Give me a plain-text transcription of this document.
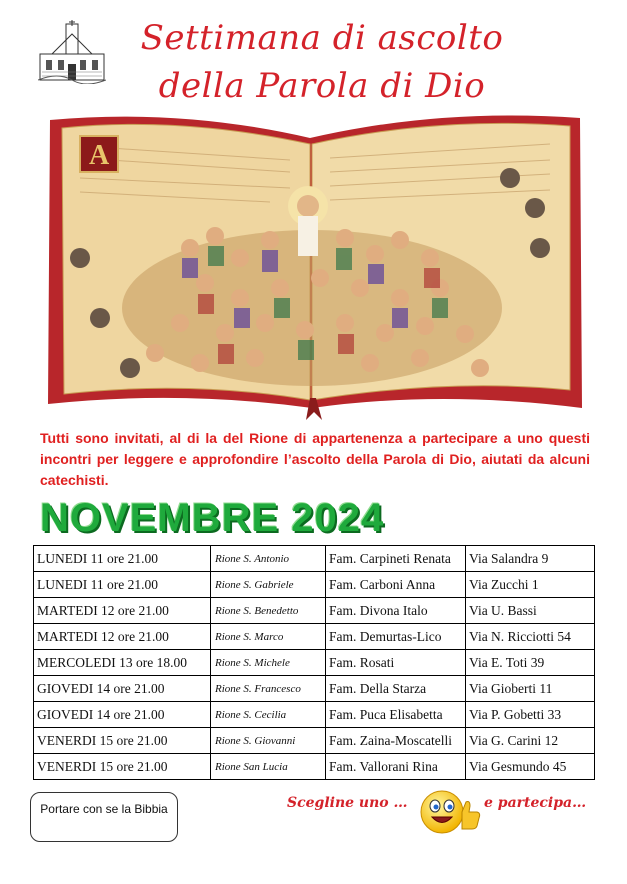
Settimana di ascolto
della Parola di Dio
A
Tutti sono invitati, al di la del Rione di appartenenza a partecipare a uno questi incontri per leggere e approfondire l’ascolto della Parola di Dio, aiutati da alcuni catechisti.
NOVEMBRE 2024
LUNEDI 11 ore 21.00	Rione S. Antonio	Fam. Carpineti Renata	Via Salandra 9
LUNEDI 11 ore 21.00	Rione S. Gabriele	Fam. Carboni Anna	Via Zucchi 1
MARTEDI 12 ore 21.00	Rione S. Benedetto	Fam. Divona Italo	Via U. Bassi
MARTEDI 12 ore 21.00	Rione S. Marco	Fam. Demurtas-Lico	Via N. Ricciotti 54
MERCOLEDI 13 ore 18.00	Rione S. Michele	Fam. Rosati	Via E. Toti 39
GIOVEDI 14 ore 21.00	Rione S. Francesco	Fam. Della Starza	Via Gioberti 11
GIOVEDI 14 ore 21.00	Rione S. Cecilia	Fam. Puca Elisabetta	Via P. Gobetti 33
VENERDI 15 ore 21.00	Rione S. Giovanni	Fam. Zaina-Moscatelli	Via G. Carini 12
VENERDI 15 ore 21.00	Rione San Lucia	Fam. Vallorani Rina	Via Gesmundo 45
Portare con se la Bibbia	Scegline uno …	e partecipa…
